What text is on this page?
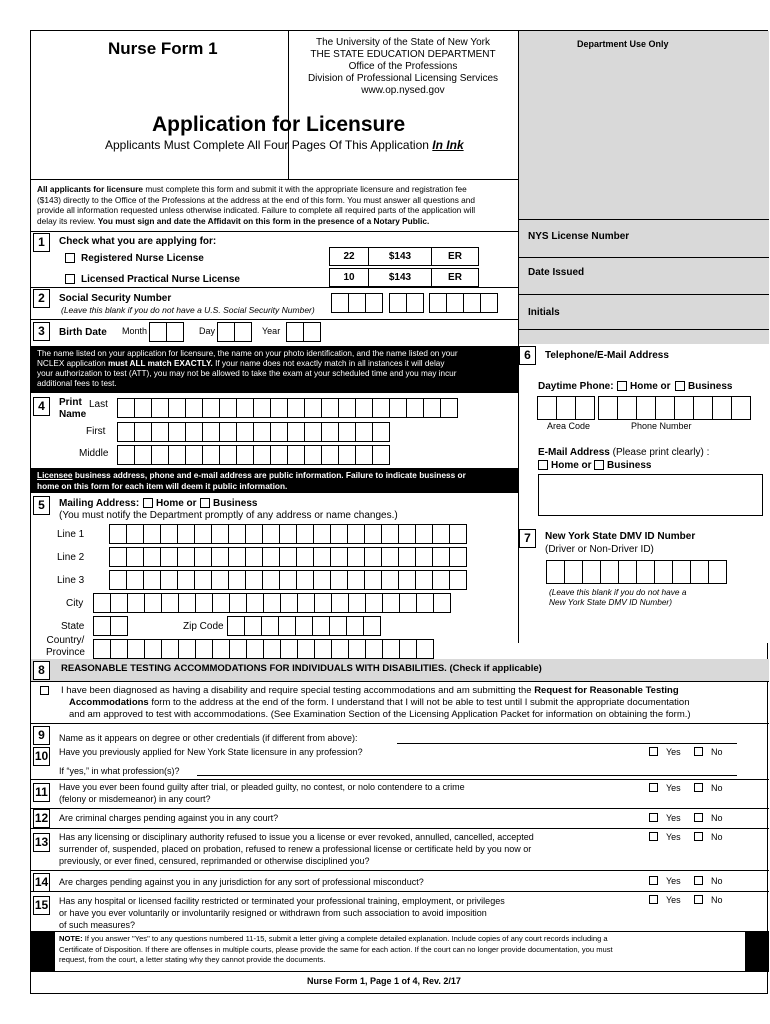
Nurse Form 1	The University of the State of New York
THE STATE EDUCATION DEPARTMENT
Office of the Professions
Division of Professional Licensing Services
www.op.nysed.gov
Application for Licensure
Applicants Must Complete All Four Pages Of This Application In Ink
Department Use Only
NYS License Number
Date Issued
Initials
All applicants for licensure must complete this form and submit it with the appropriate licensure and registration fee
($143) directly to the Office of the Professions at the address at the end of this form. You must answer all questions and
provide all information requested unless otherwise indicated. Failure to complete all required parts of the application will
delay its review. You must sign and date the Affidavit on this form in the presence of a Notary Public.
1	Check what you are applying for:
Registered Nurse License
Licensed Practical Nurse License
22	$143	ER
10	$143	ER
2	Social Security Number
(Leave this blank if you do not have a U.S. Social Security Number)
3	Birth Date Month	Day	Year
The name listed on your application for licensure, the name on your photo identification, and the name listed on your
NCLEX application must ALL match EXACTLY. If your name does not exactly match in all instances it will delay
your authorization to test (ATT), you may not be allowed to take the exam at your scheduled time and you may incur
additional fees to test.
6	Telephone/E-Mail Address
Daytime Phone: Home or Business
Area Code	Phone Number
E-Mail Address (Please print clearly) :
Home or Business
7	New York State DMV ID Number
(Driver or Non-Driver ID)
(Leave this blank if you do not have a
New York State DMV ID Number)
4	Print
Name
Last
First
Middle
Licensee business address, phone and e-mail address are public information. Failure to indicate business or
home on this form for each item will deem it public information.
5	Mailing Address: Home or Business
(You must notify the Department promptly of any address or name changes.)
Line 1
Line 2
Line 3
City
State	Zip Code
Country/
Province
8	REASONABLE TESTING ACCOMMODATIONS FOR INDIVIDUALS WITH DISABILITIES. (Check if applicable)
I have been diagnosed as having a disability and require special testing accommodations and am submitting the Request for Reasonable Testing
Accommodations form to the address at the end of the form. I understand that I will not be able to test until I submit the appropriate documentation
and am approved to test with accommodations. (See Examination Section of the Licensing Application Packet for information on obtaining the form.)
9	Name as it appears on degree or other credentials (if different from above):
10 Have you previously applied for New York State licensure in any profession?	Yes	No
If “yes,” in what profession(s)?
11 Have you ever been found guilty after trial, or pleaded guilty, no contest, or nolo contendere to a crime
(felony or misdemeanor) in any court?
Yes	No
12 Are criminal charges pending against you in any court?	Yes	No
13 Has any licensing or disciplinary authority refused to issue you a license or ever revoked, annulled, cancelled, accepted
surrender of, suspended, placed on probation, refused to renew a professional license or certificate held by you now or
previously, or ever fined, censured, reprimanded or otherwise disciplined you?
Yes	No
14 Are charges pending against you in any jurisdiction for any sort of professional misconduct?	Yes	No
15 Has any hospital or licensed facility restricted or terminated your professional training, employment, or privileges
or have you ever voluntarily or involuntarily resigned or withdrawn from such association to avoid imposition
of such measures?
Yes	No
NOTE: If you answer "Yes" to any questions numbered 11-15, submit a letter giving a complete detailed explanation. Include copies of any court records including a
Certificate of Disposition. If there are offenses in multiple courts, please provide the same for each action. If the court can no longer provide documentation, you must
request, from the court, a letter stating why they cannot provide the documents.
Nurse Form 1, Page 1 of 4, Rev. 2/17
